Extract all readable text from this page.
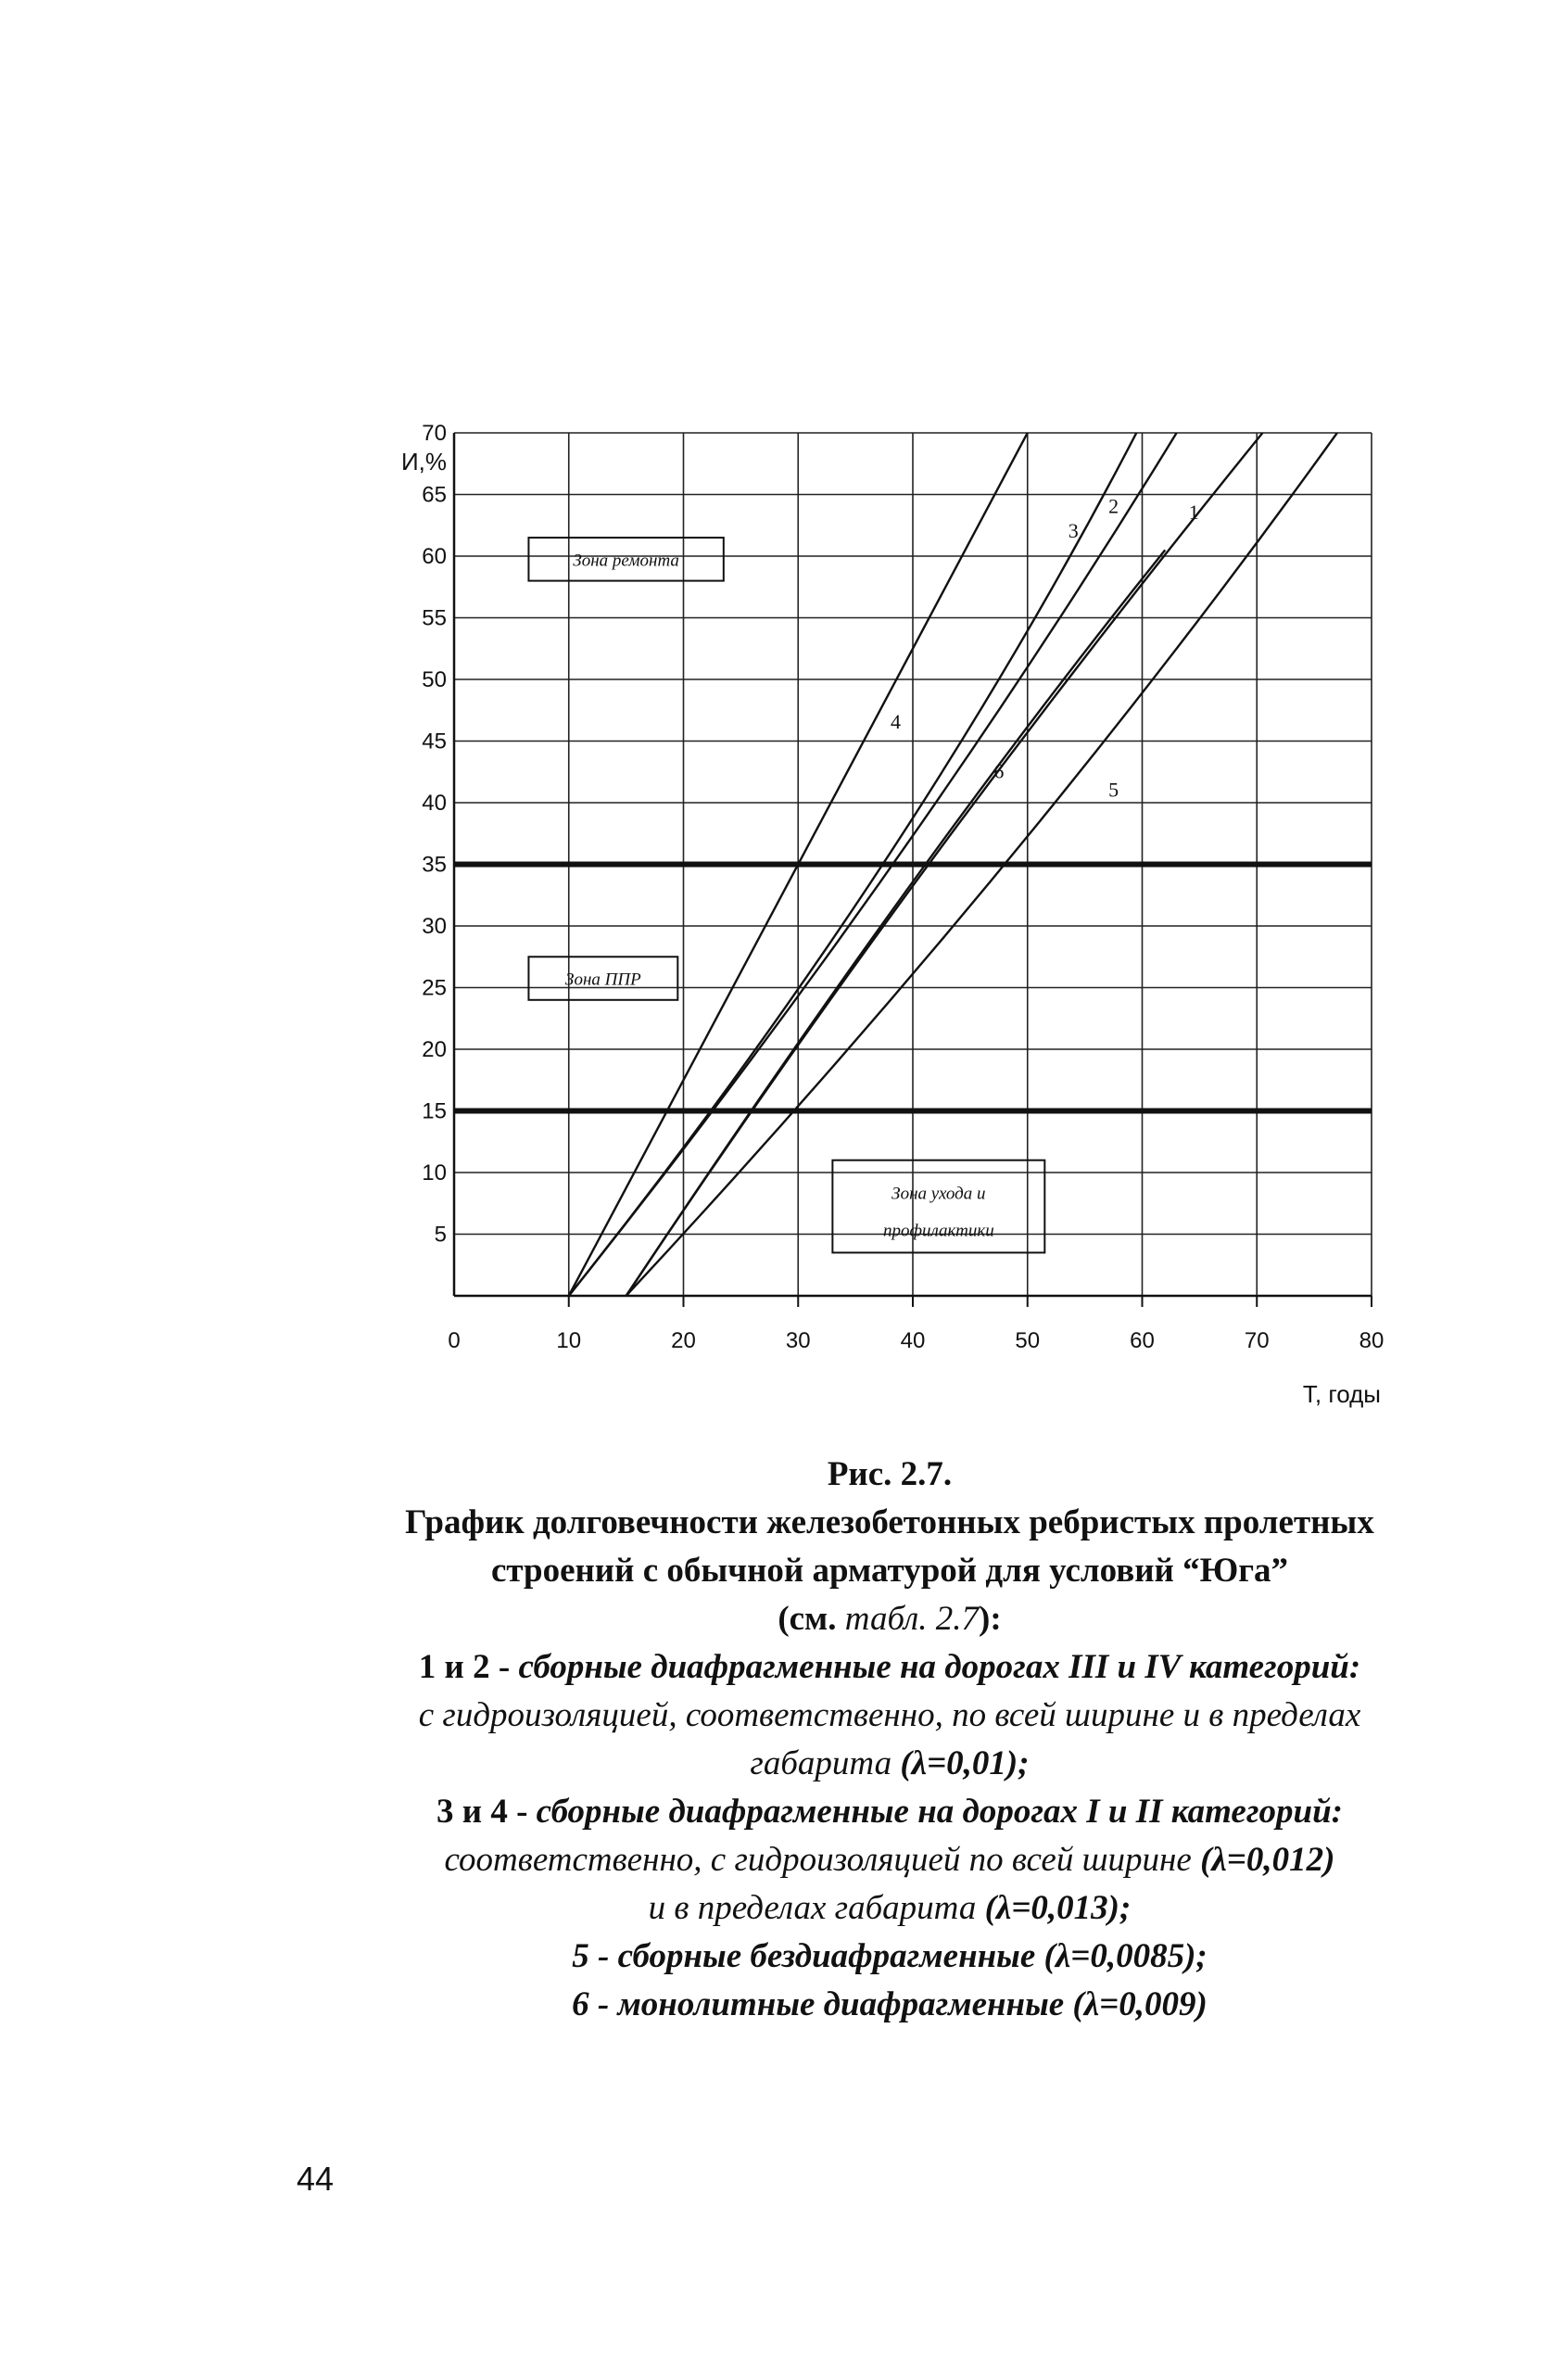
5
10
15
20
25
30
35
40
45
50
55
60
65
70
0	10	20	30	40	50	60	70	80
1
2
3
4
5
6
Зона ремонта
Зона ППР
Зона ухода и
профилактики
И,%
Т, годы
Рис. 2.7.
График долговечности железобетонных ребристых пролетных
строений с обычной арматурой для условий “Юга”
(см. табл. 2.7):
1 и 2 - сборные диафрагменные на дорогах III и IV категорий:
с гидроизоляцией, соответственно, по всей ширине и в пределах
габарита (λ=0,01);
3 и 4 - сборные диафрагменные на дорогах I и II категорий:
соответственно, с гидроизоляцией по всей ширине (λ=0,012)
и в пределах габарита (λ=0,013);
5 - сборные бездиафрагменные (λ=0,0085);
6 - монолитные диафрагменные (λ=0,009)
44
